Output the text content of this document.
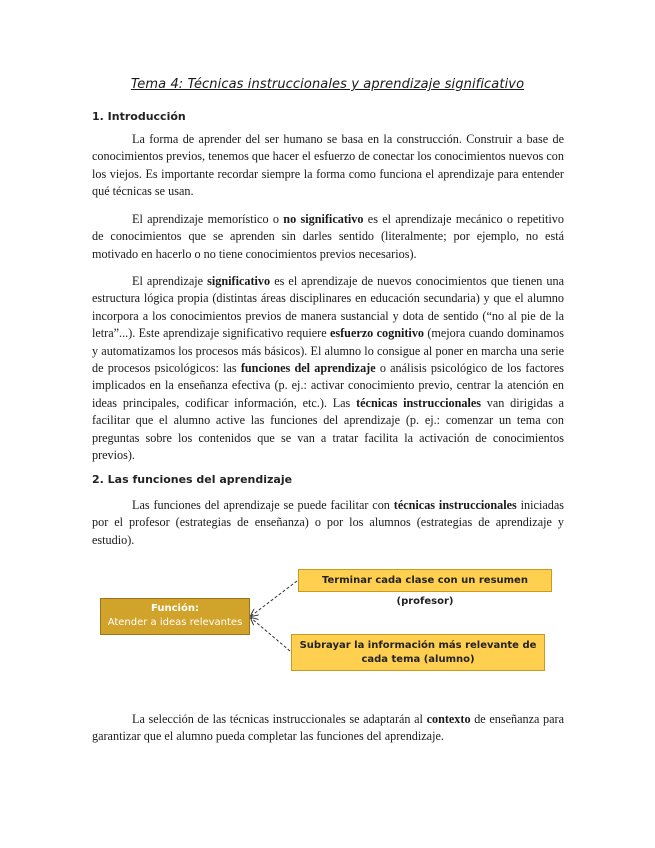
Tema 4: Técnicas instruccionales y aprendizaje significativo
1. Introducción

La forma de aprender del ser humano se basa en la construcción. Construir a base de conocimientos previos, tenemos que hacer el esfuerzo de conectar los conocimientos nuevos con los viejos. Es importante recordar siempre la forma como funciona el aprendizaje para entender qué técnicas se usan.

El aprendizaje memorístico o no significativo es el aprendizaje mecánico o repetitivo de conocimientos que se aprenden sin darles sentido (literalmente; por ejemplo, no está motivado en hacerlo o no tiene conocimientos previos necesarios).

El aprendizaje significativo es el aprendizaje de nuevos conocimientos que tienen una estructura lógica propia (distintas áreas disciplinares en educación secundaria) y que el alumno incorpora a los conocimientos previos de manera sustancial y dota de sentido (“no al pie de la letra”...). Este aprendizaje significativo requiere esfuerzo cognitivo (mejora cuando dominamos y automatizamos los procesos más básicos). El alumno lo consigue al poner en marcha una serie de procesos psicológicos: las funciones del aprendizaje o análisis psicológico de los factores implicados en la enseñanza efectiva (p. ej.: activar conocimiento previo, centrar la atención en ideas principales, codificar información, etc.). Las técnicas instruccionales van dirigidas a facilitar que el alumno active las funciones del aprendizaje (p. ej.: comenzar un tema con preguntas sobre los contenidos que se van a tratar facilita la activación de conocimientos previos).

2. Las funciones del aprendizaje

Las funciones del aprendizaje se puede facilitar con técnicas instruccionales iniciadas por el profesor (estrategias de enseñanza) o por los alumnos (estrategias de aprendizaje y estudio).

Función:
Atender a ideas relevantes
Terminar cada clase con un resumen (profesor)
Subrayar la información más relevante de
cada tema (alumno)

La selección de las técnicas instruccionales se adaptarán al contexto de enseñanza para garantizar que el alumno pueda completar las funciones del aprendizaje.
